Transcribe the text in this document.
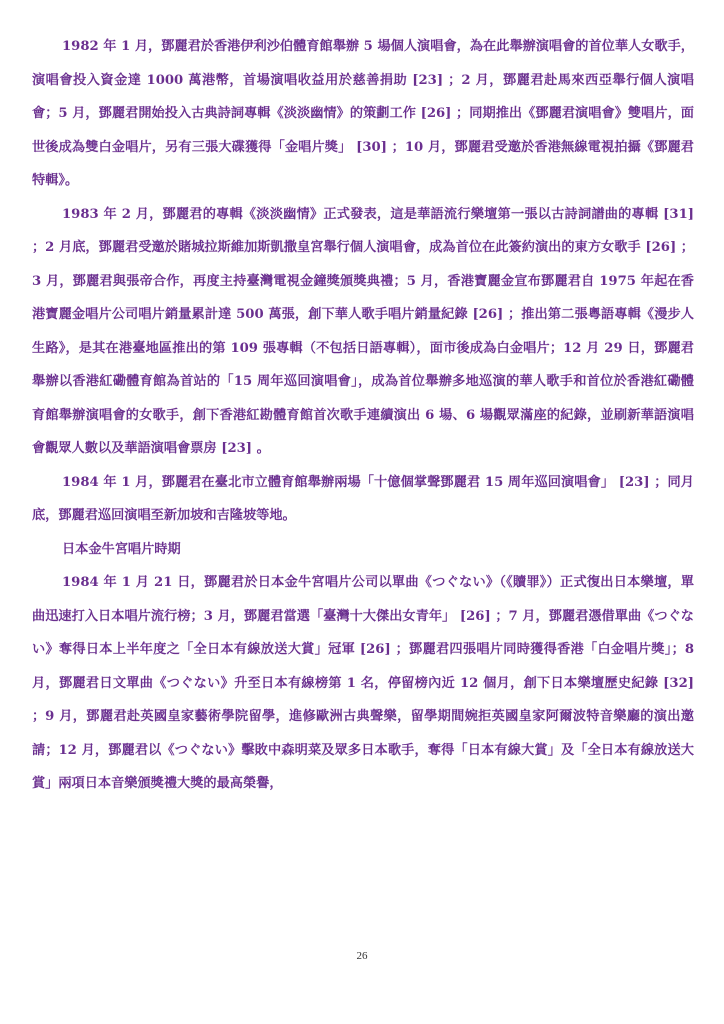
1982 年 1 月，鄧麗君於香港伊利沙伯體育館舉辦 5 場個人演唱會，為在此舉辦演唱會的首位華人女歌手，演唱會投入資金達 1000 萬港幣，首場演唱收益用於慈善捐助 [23] ；2 月，鄧麗君赴馬來西亞舉行個人演唱會；5 月，鄧麗君開始投入古典詩詞專輯《淡淡幽情》的策劃工作 [26] ；同期推出《鄧麗君演唱會》雙唱片，面世後成為雙白金唱片，另有三張大碟獲得「金唱片獎」 [30] ；10 月，鄧麗君受邀於香港無線電視拍攝《鄧麗君特輯》。

1983 年 2 月，鄧麗君的專輯《淡淡幽情》正式發表，這是華語流行樂壇第一張以古詩詞譜曲的專輯 [31] ；2 月底，鄧麗君受邀於賭城拉斯維加斯凱撒皇宮舉行個人演唱會，成為首位在此簽約演出的東方女歌手 [26] ；3 月，鄧麗君與張帝合作，再度主持臺灣電視金鐘獎頒獎典禮；5 月，香港寶麗金宣布鄧麗君自 1975 年起在香港寶麗金唱片公司唱片銷量累計達 500 萬張，創下華人歌手唱片銷量紀錄 [26] ；推出第二張粵語專輯《漫步人生路》，是其在港臺地區推出的第 109 張專輯（不包括日語專輯），面市後成為白金唱片；12 月 29 日，鄧麗君舉辦以香港紅磡體育館為首站的「15 周年巡回演唱會」，成為首位舉辦多地巡演的華人歌手和首位於香港紅磡體育館舉辦演唱會的女歌手，創下香港紅勘體育館首次歌手連續演出 6 場、6 場觀眾滿座的紀錄，並刷新華語演唱會觀眾人數以及華語演唱會票房 [23] 。

1984 年 1 月，鄧麗君在臺北市立體育館舉辦兩場「十億個掌聲鄧麗君 15 周年巡回演唱會」 [23] ；同月底，鄧麗君巡回演唱至新加坡和吉隆坡等地。

日本金牛宮唱片時期

1984 年 1 月 21 日，鄧麗君於日本金牛宮唱片公司以單曲《つぐない》（《贖罪》）正式復出日本樂壇，單曲迅速打入日本唱片流行榜；3 月，鄧麗君當選「臺灣十大傑出女青年」 [26] ；7 月，鄧麗君憑借單曲《つぐない》奪得日本上半年度之「全日本有線放送大賞」冠軍 [26] ；鄧麗君四張唱片同時獲得香港「白金唱片獎」；8 月，鄧麗君日文單曲《つぐない》升至日本有線榜第 1 名，停留榜內近 12 個月，創下日本樂壇歷史紀錄 [32] ；9 月，鄧麗君赴英國皇家藝術學院留學，進修歐洲古典聲樂，留學期間婉拒英國皇家阿爾波特音樂廳的演出邀請；12 月，鄧麗君以《つぐない》擊敗中森明菜及眾多日本歌手，奪得「日本有線大賞」及「全日本有線放送大賞」兩項日本音樂頒獎禮大獎的最高榮譽，

26
